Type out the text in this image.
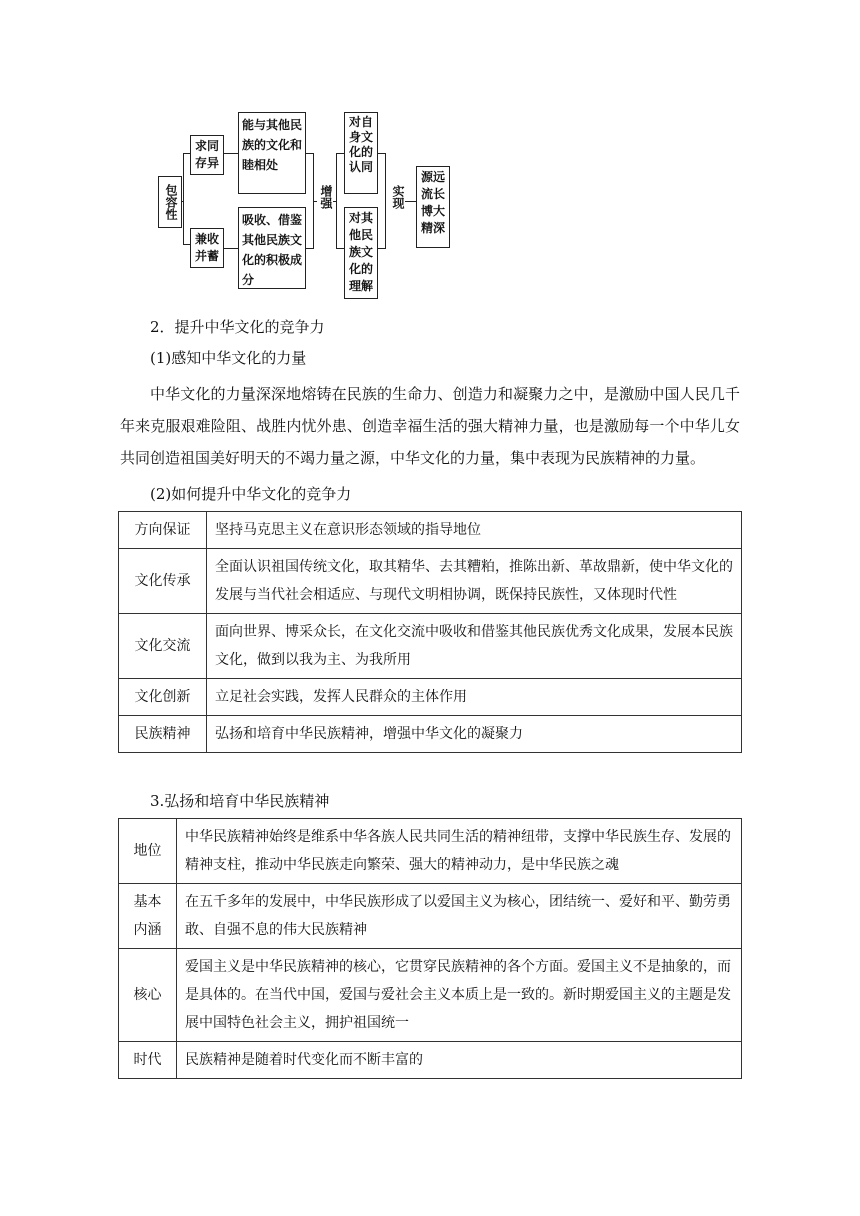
包容性
求同存异
兼收并蓄
能与其他民族的文化和睦相处
吸收、借鉴其他民族文化的积极成分
增强
对自身文化的认同
对其他民族文化的理解
实现
源远流长博大精深
2．提升中华文化的竞争力
(1)感知中华文化的力量
中华文化的力量深深地熔铸在民族的生命力、创造力和凝聚力之中，是激励中国人民几千年来克服艰难险阻、战胜内忧外患、创造幸福生活的强大精神力量，也是激励每一个中华儿女共同创造祖国美好明天的不竭力量之源，中华文化的力量，集中表现为民族精神的力量。
(2)如何提升中华文化的竞争力
方向保证	坚持马克思主义在意识形态领域的指导地位
文化传承	全面认识祖国传统文化，取其精华、去其糟粕，推陈出新、革故鼎新，使中华文化的发展与当代社会相适应、与现代文明相协调，既保持民族性，又体现时代性
文化交流	面向世界、博采众长，在文化交流中吸收和借鉴其他民族优秀文化成果，发展本民族文化，做到以我为主、为我所用
文化创新	立足社会实践，发挥人民群众的主体作用
民族精神	弘扬和培育中华民族精神，增强中华文化的凝聚力
3.弘扬和培育中华民族精神
地位	中华民族精神始终是维系中华各族人民共同生活的精神纽带，支撑中华民族生存、发展的精神支柱，推动中华民族走向繁荣、强大的精神动力，是中华民族之魂
基本内涵	在五千多年的发展中，中华民族形成了以爱国主义为核心，团结统一、爱好和平、勤劳勇敢、自强不息的伟大民族精神
核心	爱国主义是中华民族精神的核心，它贯穿民族精神的各个方面。爱国主义不是抽象的，而是具体的。在当代中国，爱国与爱社会主义本质上是一致的。新时期爱国主义的主题是发展中国特色社会主义，拥护祖国统一
时代	民族精神是随着时代变化而不断丰富的
